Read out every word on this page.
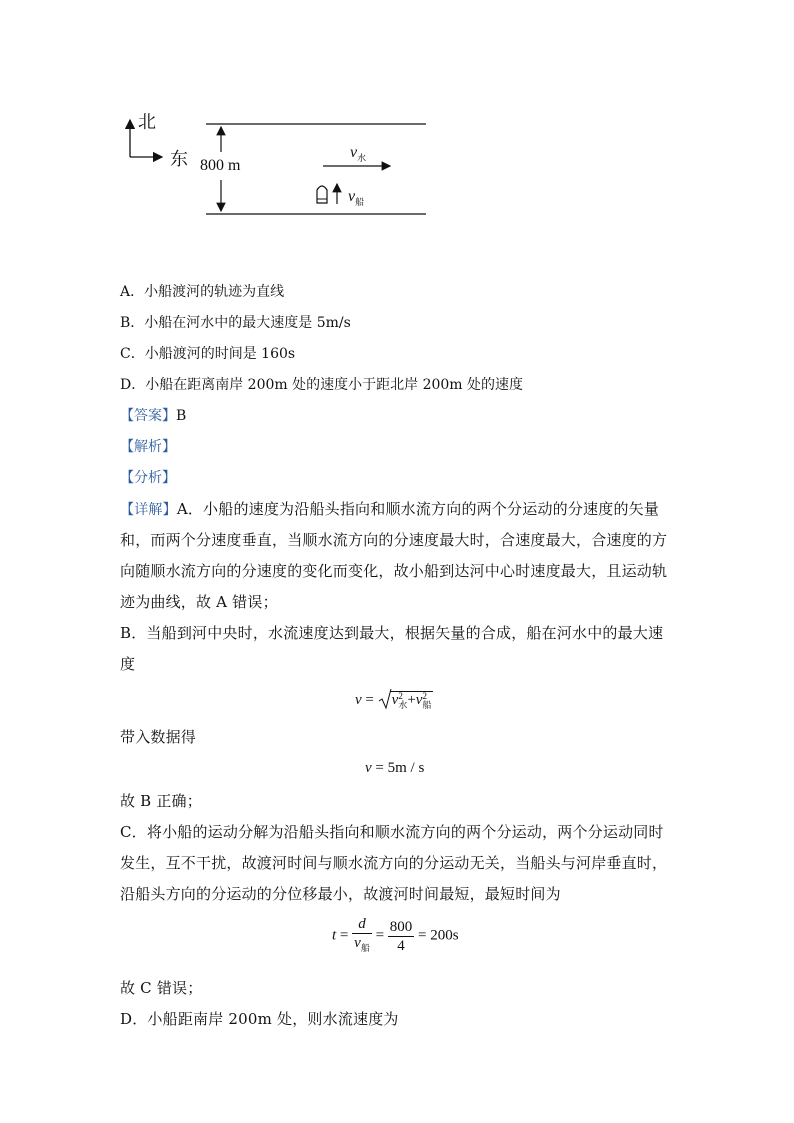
北
东 800 m
$v_水$
$v_船$
A．小船渡河的轨迹为直线
B．小船在河水中的最大速度是 5m/s
C．小船渡河的时间是 160s
D．小船在距离南岸 200m 处的速度小于距北岸 200m 处的速度
【答案】B
【解析】
【分析】
【详解】A．小船的速度为沿船头指向和顺水流方向的两个分运动的分速度的矢量
和，而两个分速度垂直，当顺水流方向的分速度最大时，合速度最大，合速度的方
向随顺水流方向的分速度的变化而变化，故小船到达河中心时速度最大，且运动轨
迹为曲线，故 A 错误；
B．当船到河中央时，水流速度达到最大，根据矢量的合成，船在河水中的最大速
度
v = v 2
水 +v 2
船
带入数据得
v = 5m / s
故 B 正确；
C．将小船的运动分解为沿船头指向和顺水流方向的两个分运动，两个分运动同时
发生，互不干扰，故渡河时间与顺水流方向的分运动无关，当船头与河岸垂直时，
沿船头方向的分运动的分位移最小，故渡河时间最短，最短时间为
$t = \frac{d}{v_船} = \frac{800}{4} = 200s$
故 C 错误；
D．小船距南岸 200m 处，则水流速度为
